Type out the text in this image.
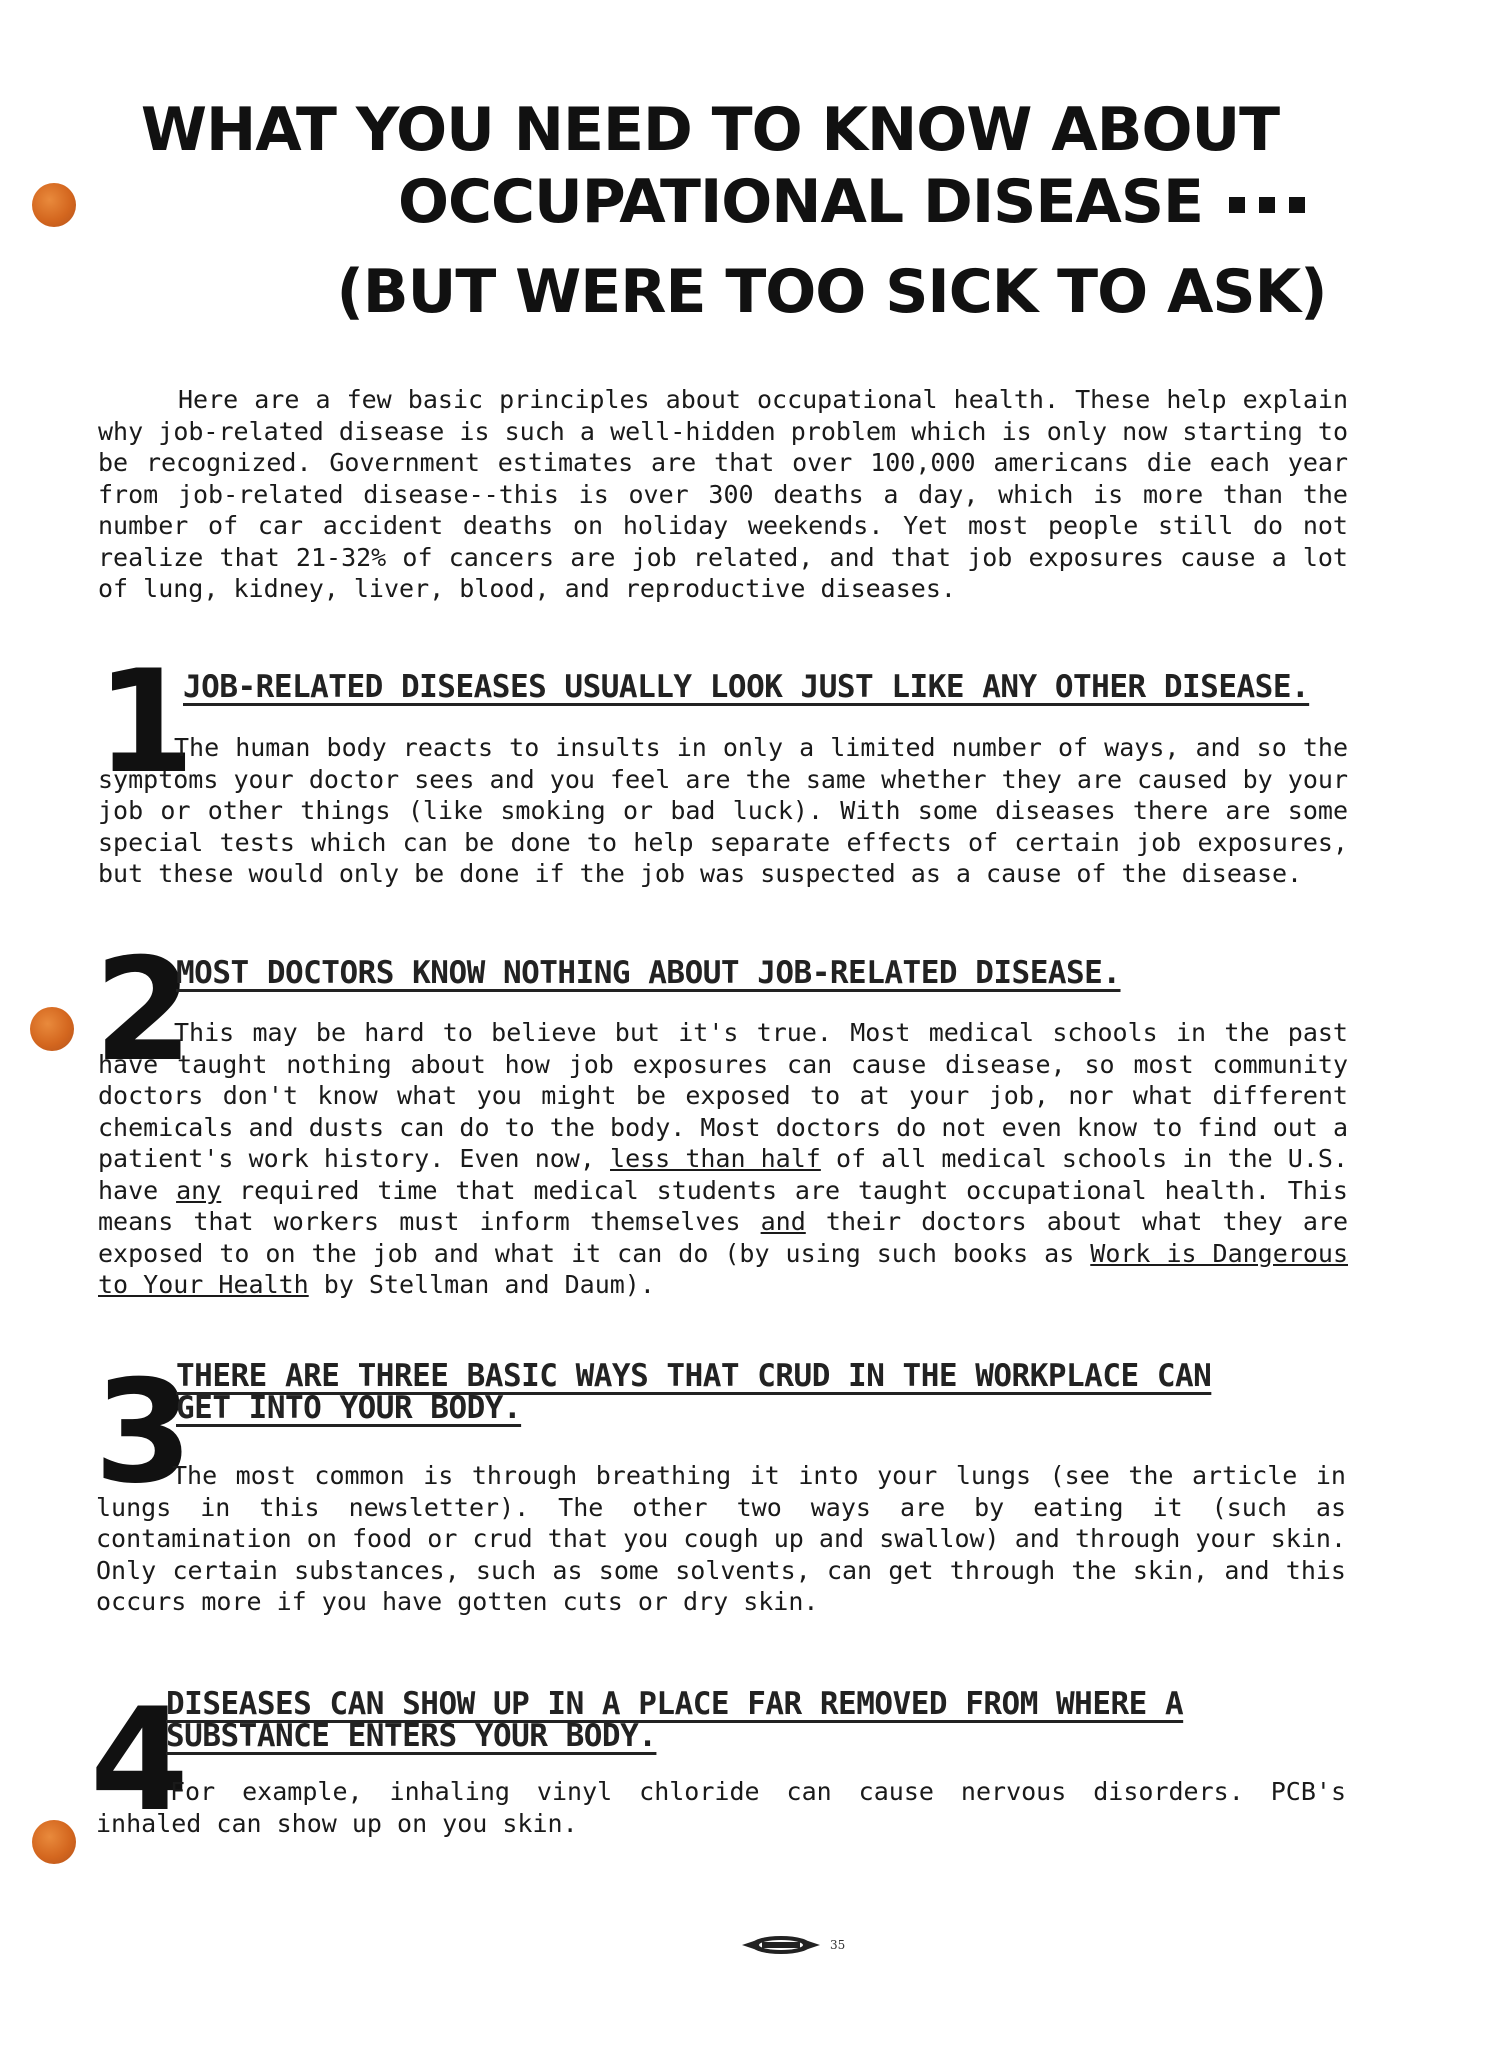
WHAT YOU NEED TO KNOW ABOUT
OCCUPATIONAL DISEASE
(BUT WERE TOO SICK TO ASK)

Here are a few basic principles about occupational health. These help explain why job-related disease is such a well-hidden problem which is only now starting to be recognized. Government estimates are that over 100,000 americans die each year from job-related disease--this is over 300 deaths a day, which is more than the number of car accident deaths on holiday weekends. Yet most people still do not realize that 21-32% of cancers are job related, and that job exposures cause a lot of lung, kidney, liver, blood, and reproductive diseases.

1
JOB-RELATED DISEASES USUALLY LOOK JUST LIKE ANY OTHER DISEASE.

The human body reacts to insults in only a limited number of ways, and so the symptoms your doctor sees and you feel are the same whether they are caused by your job or other things (like smoking or bad luck). With some diseases there are some special tests which can be done to help separate effects of certain job exposures, but these would only be done if the job was suspected as a cause of the disease.

2
MOST DOCTORS KNOW NOTHING ABOUT JOB-RELATED DISEASE.

This may be hard to believe but it's true. Most medical schools in the past have taught nothing about how job exposures can cause disease, so most community doctors don't know what you might be exposed to at your job, nor what different chemicals and dusts can do to the body. Most doctors do not even know to find out a patient's work history. Even now, less than half of all medical schools in the U.S. have any required time that medical students are taught occupational health. This means that workers must inform themselves and their doctors about what they are exposed to on the job and what it can do (by using such books as Work is Dangerous to Your Health by Stellman and Daum).

3
THERE ARE THREE BASIC WAYS THAT CRUD IN THE WORKPLACE CAN GET INTO YOUR BODY.

The most common is through breathing it into your lungs (see the article in lungs in this newsletter). The other two ways are by eating it (such as contamination on food or crud that you cough up and swallow) and through your skin. Only certain substances, such as some solvents, can get through the skin, and this occurs more if you have gotten cuts or dry skin.

4
DISEASES CAN SHOW UP IN A PLACE FAR REMOVED FROM WHERE A SUBSTANCE ENTERS YOUR BODY.

For example, inhaling vinyl chloride can cause nervous disorders. PCB's inhaled can show up on you skin.

35
